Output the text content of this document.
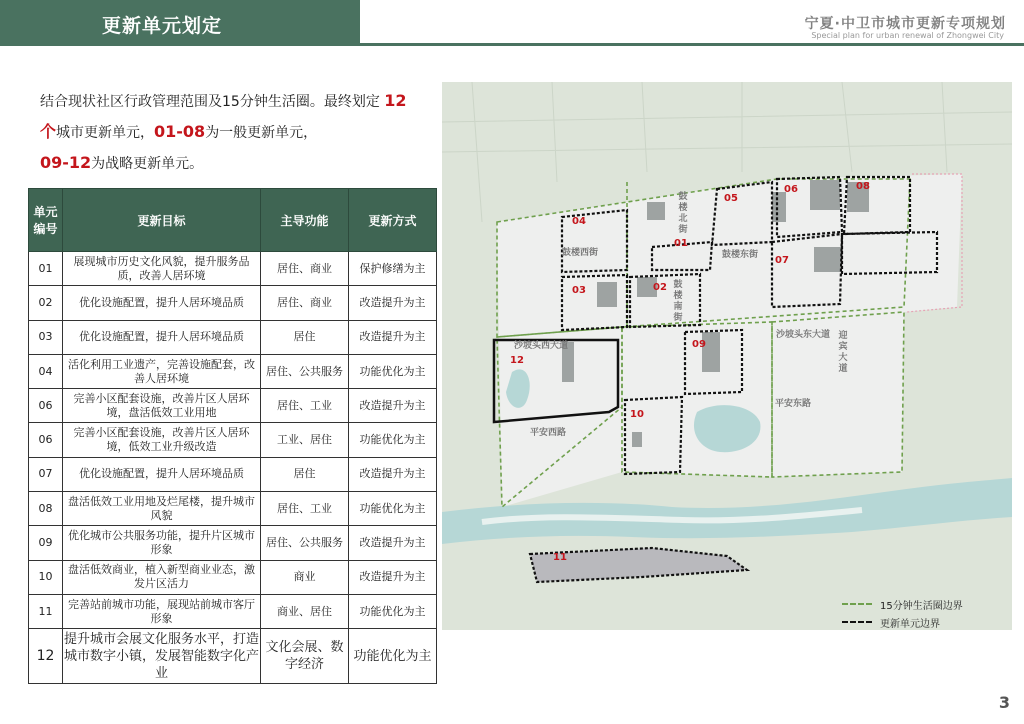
更新单元划定	宁夏·中卫市城市更新专项规划
Special plan for urban renewal of Zhongwei City
结合现状社区行政管理范围及15分钟生活圈。最终划定 12个城市更新单元，01-08为一般更新单元，
09-12为战略更新单元。
单元编号	更新目标	主导功能	更新方式
01	展现城市历史文化风貌，提升服务品质，改善人居环境	居住、商业	保护修缮为主
02	优化设施配置，提升人居环境品质	居住、商业	改造提升为主
03	优化设施配置，提升人居环境品质	居住	改造提升为主
04	活化利用工业遗产，完善设施配套，改善人居环境	居住、公共服务	功能优化为主
06	完善小区配套设施，改善片区人居环境，盘活低效工业用地	居住、工业	改造提升为主
06	完善小区配套设施，改善片区人居环境，低效工业升级改造	工业、居住	功能优化为主
07	优化设施配置，提升人居环境品质	居住	改造提升为主
08	盘活低效工业用地及烂尾楼，提升城市风貌	居住、工业	功能优化为主
09	优化城市公共服务功能，提升片区城市形象	居住、公共服务	改造提升为主
10	盘活低效商业，植入新型商业业态，激发片区活力	商业	改造提升为主
11	完善站前城市功能，展现站前城市客厅形象	商业、居住	功能优化为主
12	提升城市会展文化服务水平，打造城市数字小镇，发展智能数字化产业	文化会展、数字经济	功能优化为主
04
05
06	08
01
07
03	02
09
12
10
11
鼓楼西街	鼓楼东街
鼓楼北街
鼓楼南街
沙坡头西大道
沙坡头东大道 迎宾大道
平安西路
平安东路
15分钟生活圈边界
更新单元边界
3
